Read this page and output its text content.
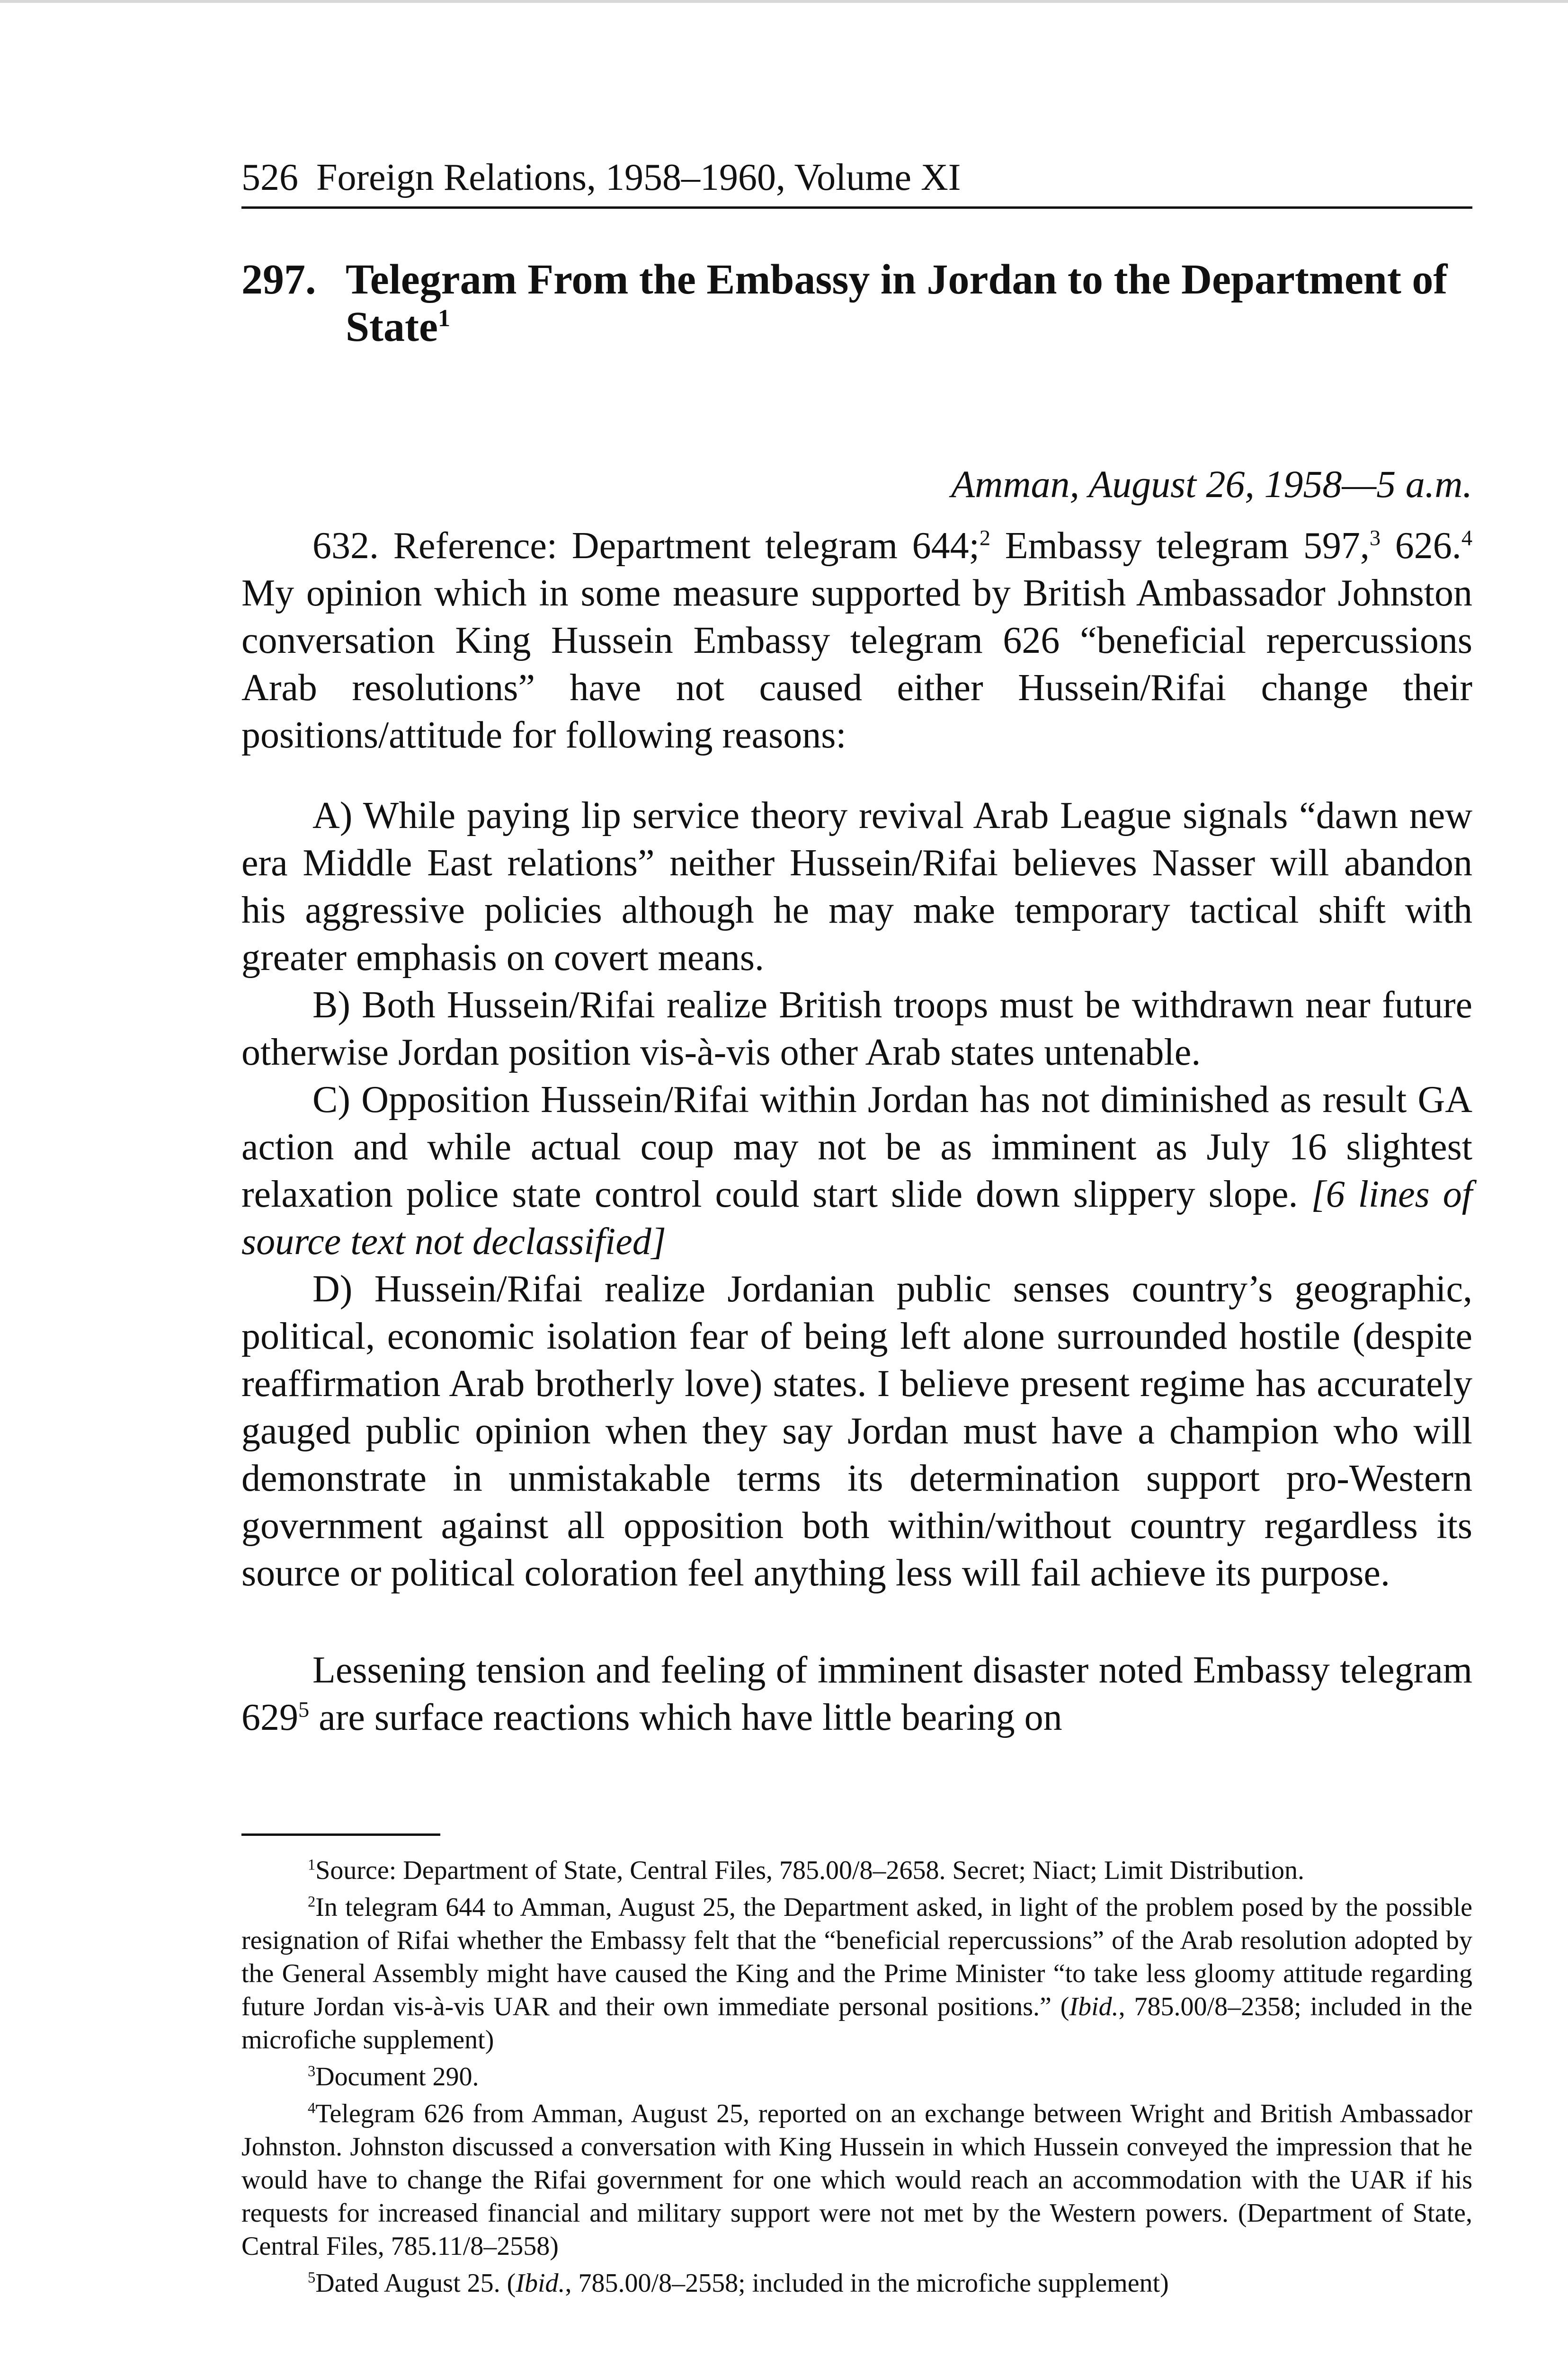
526 Foreign Relations, 1958–1960, Volume XI
297. Telegram From the Embassy in Jordan to the Department of State$^1$
Amman, August 26, 1958—5 a.m.

632. Reference: Department telegram 644;$^2$ Embassy telegram 597,$^3$ 626.$^4$ My opinion which in some measure supported by British Ambassador Johnston conversation King Hussein Embassy telegram 626 “beneficial repercussions Arab resolutions” have not caused either Hussein/Rifai change their positions/attitude for following reasons:

A) While paying lip service theory revival Arab League signals “dawn new era Middle East relations” neither Hussein/Rifai believes Nasser will abandon his aggressive policies although he may make temporary tactical shift with greater emphasis on covert means.

B) Both Hussein/Rifai realize British troops must be withdrawn near future otherwise Jordan position vis-à-vis other Arab states untenable.

C) Opposition Hussein/Rifai within Jordan has not diminished as result GA action and while actual coup may not be as imminent as July 16 slightest relaxation police state control could start slide down slippery slope. [6 lines of source text not declassified]

D) Hussein/Rifai realize Jordanian public senses country’s geographic, political, economic isolation fear of being left alone surrounded hostile (despite reaffirmation Arab brotherly love) states. I believe present regime has accurately gauged public opinion when they say Jordan must have a champion who will demonstrate in unmistakable terms its determination support pro-Western government against all opposition both within/without country regardless its source or political coloration feel anything less will fail achieve its purpose.

Lessening tension and feeling of imminent disaster noted Embassy telegram $629^5$ are surface reactions which have little bearing on

$^1$Source: Department of State, Central Files, 785.00/8–2658. Secret; Niact; Limit Distribution.

$^2$In telegram 644 to Amman, August 25, the Department asked, in light of the problem posed by the possible resignation of Rifai whether the Embassy felt that the “beneficial repercussions” of the Arab resolution adopted by the General Assembly might have caused the King and the Prime Minister “to take less gloomy attitude regarding future Jordan vis-à-vis UAR and their own immediate personal positions.” (Ibid., 785.00/8–2358; included in the microfiche supplement)

$^3$Document 290.

$^4$Telegram 626 from Amman, August 25, reported on an exchange between Wright and British Ambassador Johnston. Johnston discussed a conversation with King Hussein in which Hussein conveyed the impression that he would have to change the Rifai government for one which would reach an accommodation with the UAR if his requests for increased financial and military support were not met by the Western powers. (Department of State, Central Files, 785.11/8–2558)

$^5$Dated August 25. (Ibid., 785.00/8–2558; included in the microfiche supplement)
